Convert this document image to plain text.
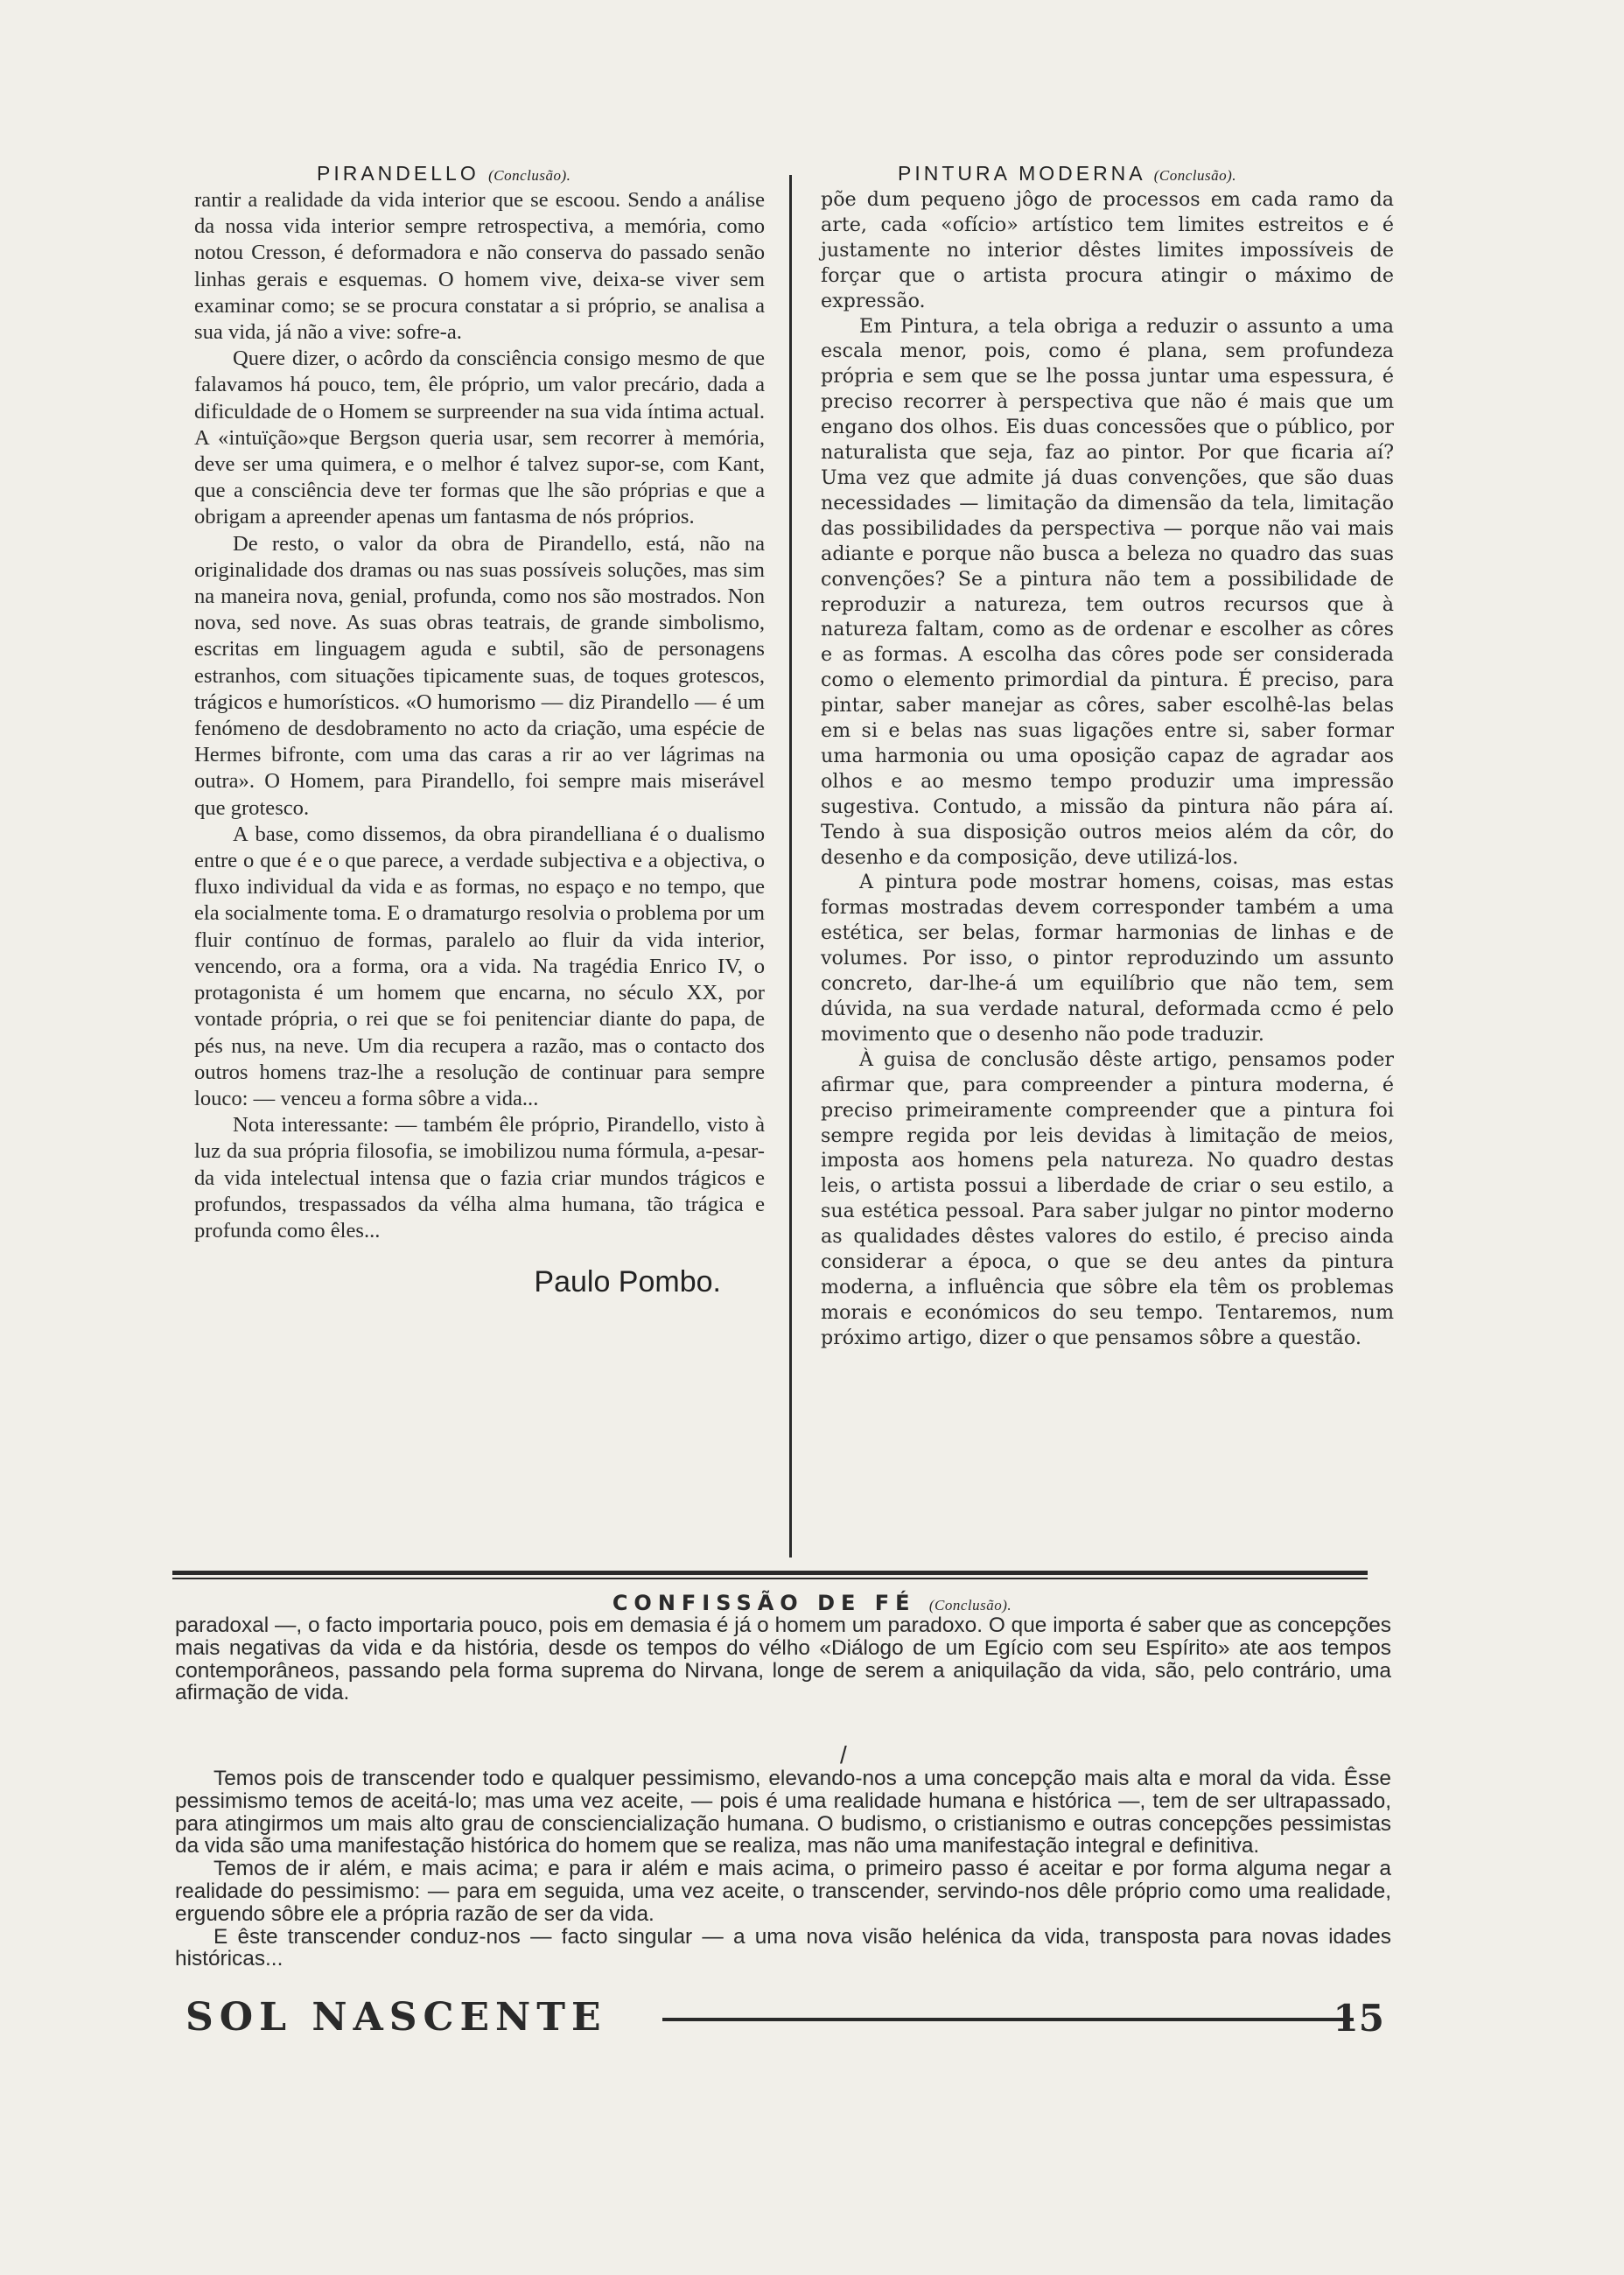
PIRANDELLO (Conclusão).

rantir a realidade da vida interior que se escoou. Sendo a análise da nossa vida interior sempre retrospectiva, a memória, como notou Cresson, é deformadora e não conserva do passado senão linhas gerais e esquemas. O homem vive, deixa-se viver sem examinar como; se se procura constatar a si próprio, se analisa a sua vida, já não a vive: sofre-a.

Quere dizer, o acôrdo da consciência consigo mesmo de que falavamos há pouco, tem, êle próprio, um valor precário, dada a dificuldade de o Homem se surpreender na sua vida íntima actual. A «intuïção»que Bergson queria usar, sem recorrer à memória, deve ser uma quimera, e o melhor é talvez supor-se, com Kant, que a consciência deve ter formas que lhe são próprias e que a obrigam a apreender apenas um fantasma de nós próprios.

De resto, o valor da obra de Pirandello, está, não na originalidade dos dramas ou nas suas possíveis soluções, mas sim na maneira nova, genial, profunda, como nos são mostrados. Non nova, sed nove. As suas obras teatrais, de grande simbolismo, escritas em linguagem aguda e subtil, são de personagens estranhos, com situações tipicamente suas, de toques grotescos, trágicos e humorísticos. «O humorismo — diz Pirandello — é um fenómeno de desdobramento no acto da criação, uma espécie de Hermes bifronte, com uma das caras a rir ao ver lágrimas na outra». O Homem, para Pirandello, foi sempre mais miserável que grotesco.

A base, como dissemos, da obra pirandelliana é o dualismo entre o que é e o que parece, a verdade subjectiva e a objectiva, o fluxo individual da vida e as formas, no espaço e no tempo, que ela socialmente toma. E o dramaturgo resolvia o problema por um fluir contínuo de formas, paralelo ao fluir da vida interior, vencendo, ora a forma, ora a vida. Na tragédia Enrico IV, o protagonista é um homem que encarna, no século XX, por vontade própria, o rei que se foi penitenciar diante do papa, de pés nus, na neve. Um dia recupera a razão, mas o contacto dos outros homens traz-lhe a resolução de continuar para sempre louco: — venceu a forma sôbre a vida...

Nota interessante: — também êle próprio, Pirandello, visto à luz da sua própria filosofia, se imobilizou numa fórmula, a-pesar-da vida intelectual intensa que o fazia criar mundos trágicos e profundos, trespassados da vélha alma humana, tão trágica e profunda como êles...

Paulo Pombo.
PINTURA MODERNA (Conclusão).

põe dum pequeno jôgo de processos em cada ramo da arte, cada «ofício» artístico tem limites estreitos e é justamente no interior dêstes limites impossíveis de forçar que o artista procura atingir o máximo de expressão.

Em Pintura, a tela obriga a reduzir o assunto a uma escala menor, pois, como é plana, sem profundeza própria e sem que se lhe possa juntar uma espessura, é preciso recorrer à perspectiva que não é mais que um engano dos olhos. Eis duas concessões que o público, por naturalista que seja, faz ao pintor. Por que ficaria aí? Uma vez que admite já duas convenções, que são duas necessidades — limitação da dimensão da tela, limitação das possibilidades da perspectiva — porque não vai mais adiante e porque não busca a beleza no quadro das suas convenções? Se a pintura não tem a possibilidade de reproduzir a natureza, tem outros recursos que à natureza faltam, como as de ordenar e escolher as côres e as formas. A escolha das côres pode ser considerada como o elemento primordial da pintura. É preciso, para pintar, saber manejar as côres, saber escolhê-las belas em si e belas nas suas ligações entre si, saber formar uma harmonia ou uma oposição capaz de agradar aos olhos e ao mesmo tempo produzir uma impressão sugestiva. Contudo, a missão da pintura não pára aí. Tendo à sua disposição outros meios além da côr, do desenho e da composição, deve utilizá-los.

A pintura pode mostrar homens, coisas, mas estas formas mostradas devem corresponder também a uma estética, ser belas, formar harmonias de linhas e de volumes. Por isso, o pintor reproduzindo um assunto concreto, dar-lhe-á um equilíbrio que não tem, sem dúvida, na sua verdade natural, deformada ccmo é pelo movimento que o desenho não pode traduzir.

À guisa de conclusão dêste artigo, pensamos poder afirmar que, para compreender a pintura moderna, é preciso primeiramente compreender que a pintura foi sempre regida por leis devidas à limitação de meios, imposta aos homens pela natureza. No quadro destas leis, o artista possui a liberdade de criar o seu estilo, a sua estética pessoal. Para saber julgar no pintor moderno as qualidades dêstes valores do estilo, é preciso ainda considerar a época, o que se deu antes da pintura moderna, a influência que sôbre ela têm os problemas morais e económicos do seu tempo. Tentaremos, num próximo artigo, dizer o que pensamos sôbre a questão.

CONFISSÃO DE FÉ (Conclusão).

paradoxal —, o facto importaria pouco, pois em demasia é já o homem um paradoxo. O que importa é saber que as concepções mais negativas da vida e da história, desde os tempos do vélho «Diálogo de um Egício com seu Espírito» ate aos tempos contemporâneos, passando pela forma suprema do Nirvana, longe de serem a aniquilação da vida, são, pelo contrário, uma afirmação de vida.

/

Temos pois de transcender todo e qualquer pessimismo, elevando-nos a uma concepção mais alta e moral da vida. Êsse pessimismo temos de aceitá-lo; mas uma vez aceite, — pois é uma realidade humana e histórica —, tem de ser ultrapassado, para atingirmos um mais alto grau de consciencialização humana. O budismo, o cristianismo e outras concepções pessimistas da vida são uma manifestação histórica do homem que se realiza, mas não uma manifestação integral e definitiva.

Temos de ir além, e mais acima; e para ir além e mais acima, o primeiro passo é aceitar e por forma alguma negar a realidade do pessimismo: — para em seguida, uma vez aceite, o transcender, servindo-nos dêle próprio como uma realidade, erguendo sôbre ele a própria razão de ser da vida.

E êste transcender conduz-nos — facto singular — a uma nova visão helénica da vida, transposta para novas idades históricas...

SOL NASCENTE	15
